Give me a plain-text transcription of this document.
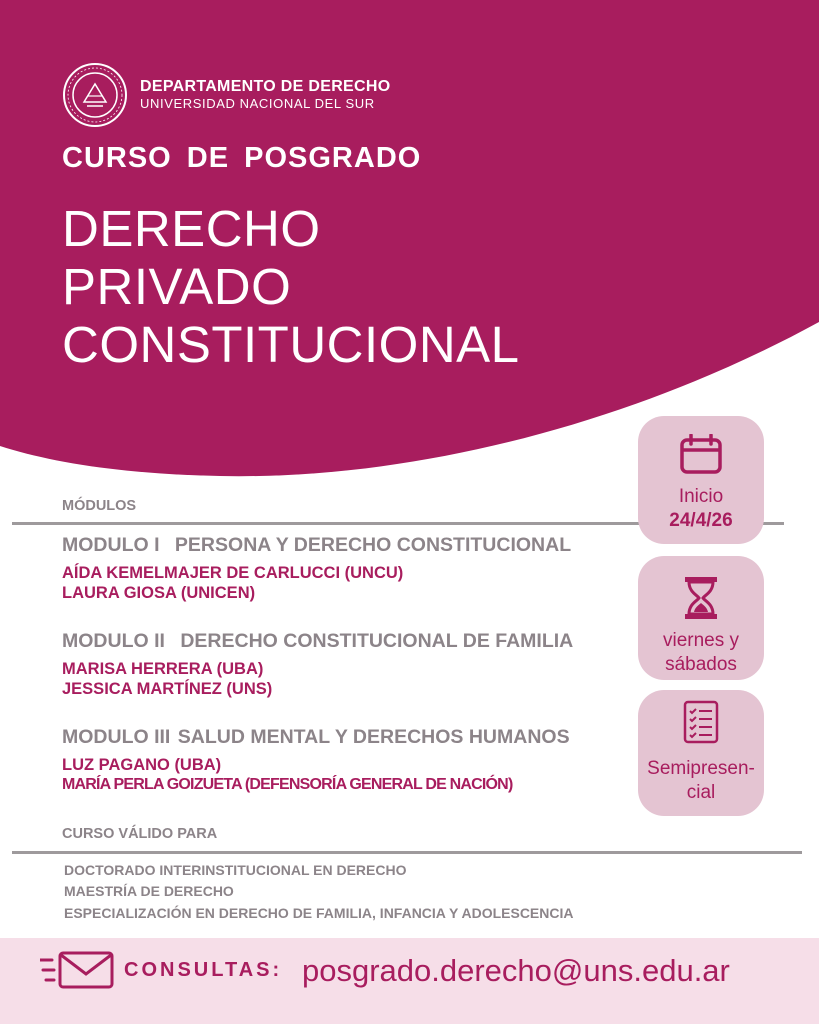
DEPARTAMENTO DE DERECHO
UNIVERSIDAD NACIONAL DEL SUR
CURSO DE POSGRADO
DERECHO
PRIVADO
CONSTITUCIONAL
MÓDULOS
MODULO I PERSONA Y DERECHO CONSTITUCIONAL
AÍDA KEMELMAJER DE CARLUCCI (UNCU)
LAURA GIOSA (UNICEN)
MODULO II DERECHO CONSTITUCIONAL DE FAMILIA
MARISA HERRERA (UBA)
JESSICA MARTÍNEZ (UNS)
MODULO III SALUD MENTAL Y DERECHOS HUMANOS
LUZ PAGANO (UBA)
MARÍA PERLA GOIZUETA (DEFENSORÍA GENERAL DE NACIÓN)
Inicio
24/4/26
viernes y
sábados
Semipresen-
cial
CURSO VÁLIDO PARA
DOCTORADO INTERINSTITUCIONAL EN DERECHO
MAESTRÍA DE DERECHO
ESPECIALIZACIÓN EN DERECHO DE FAMILIA, INFANCIA Y ADOLESCENCIA
CONSULTAS: posgrado.derecho@uns.edu.ar
